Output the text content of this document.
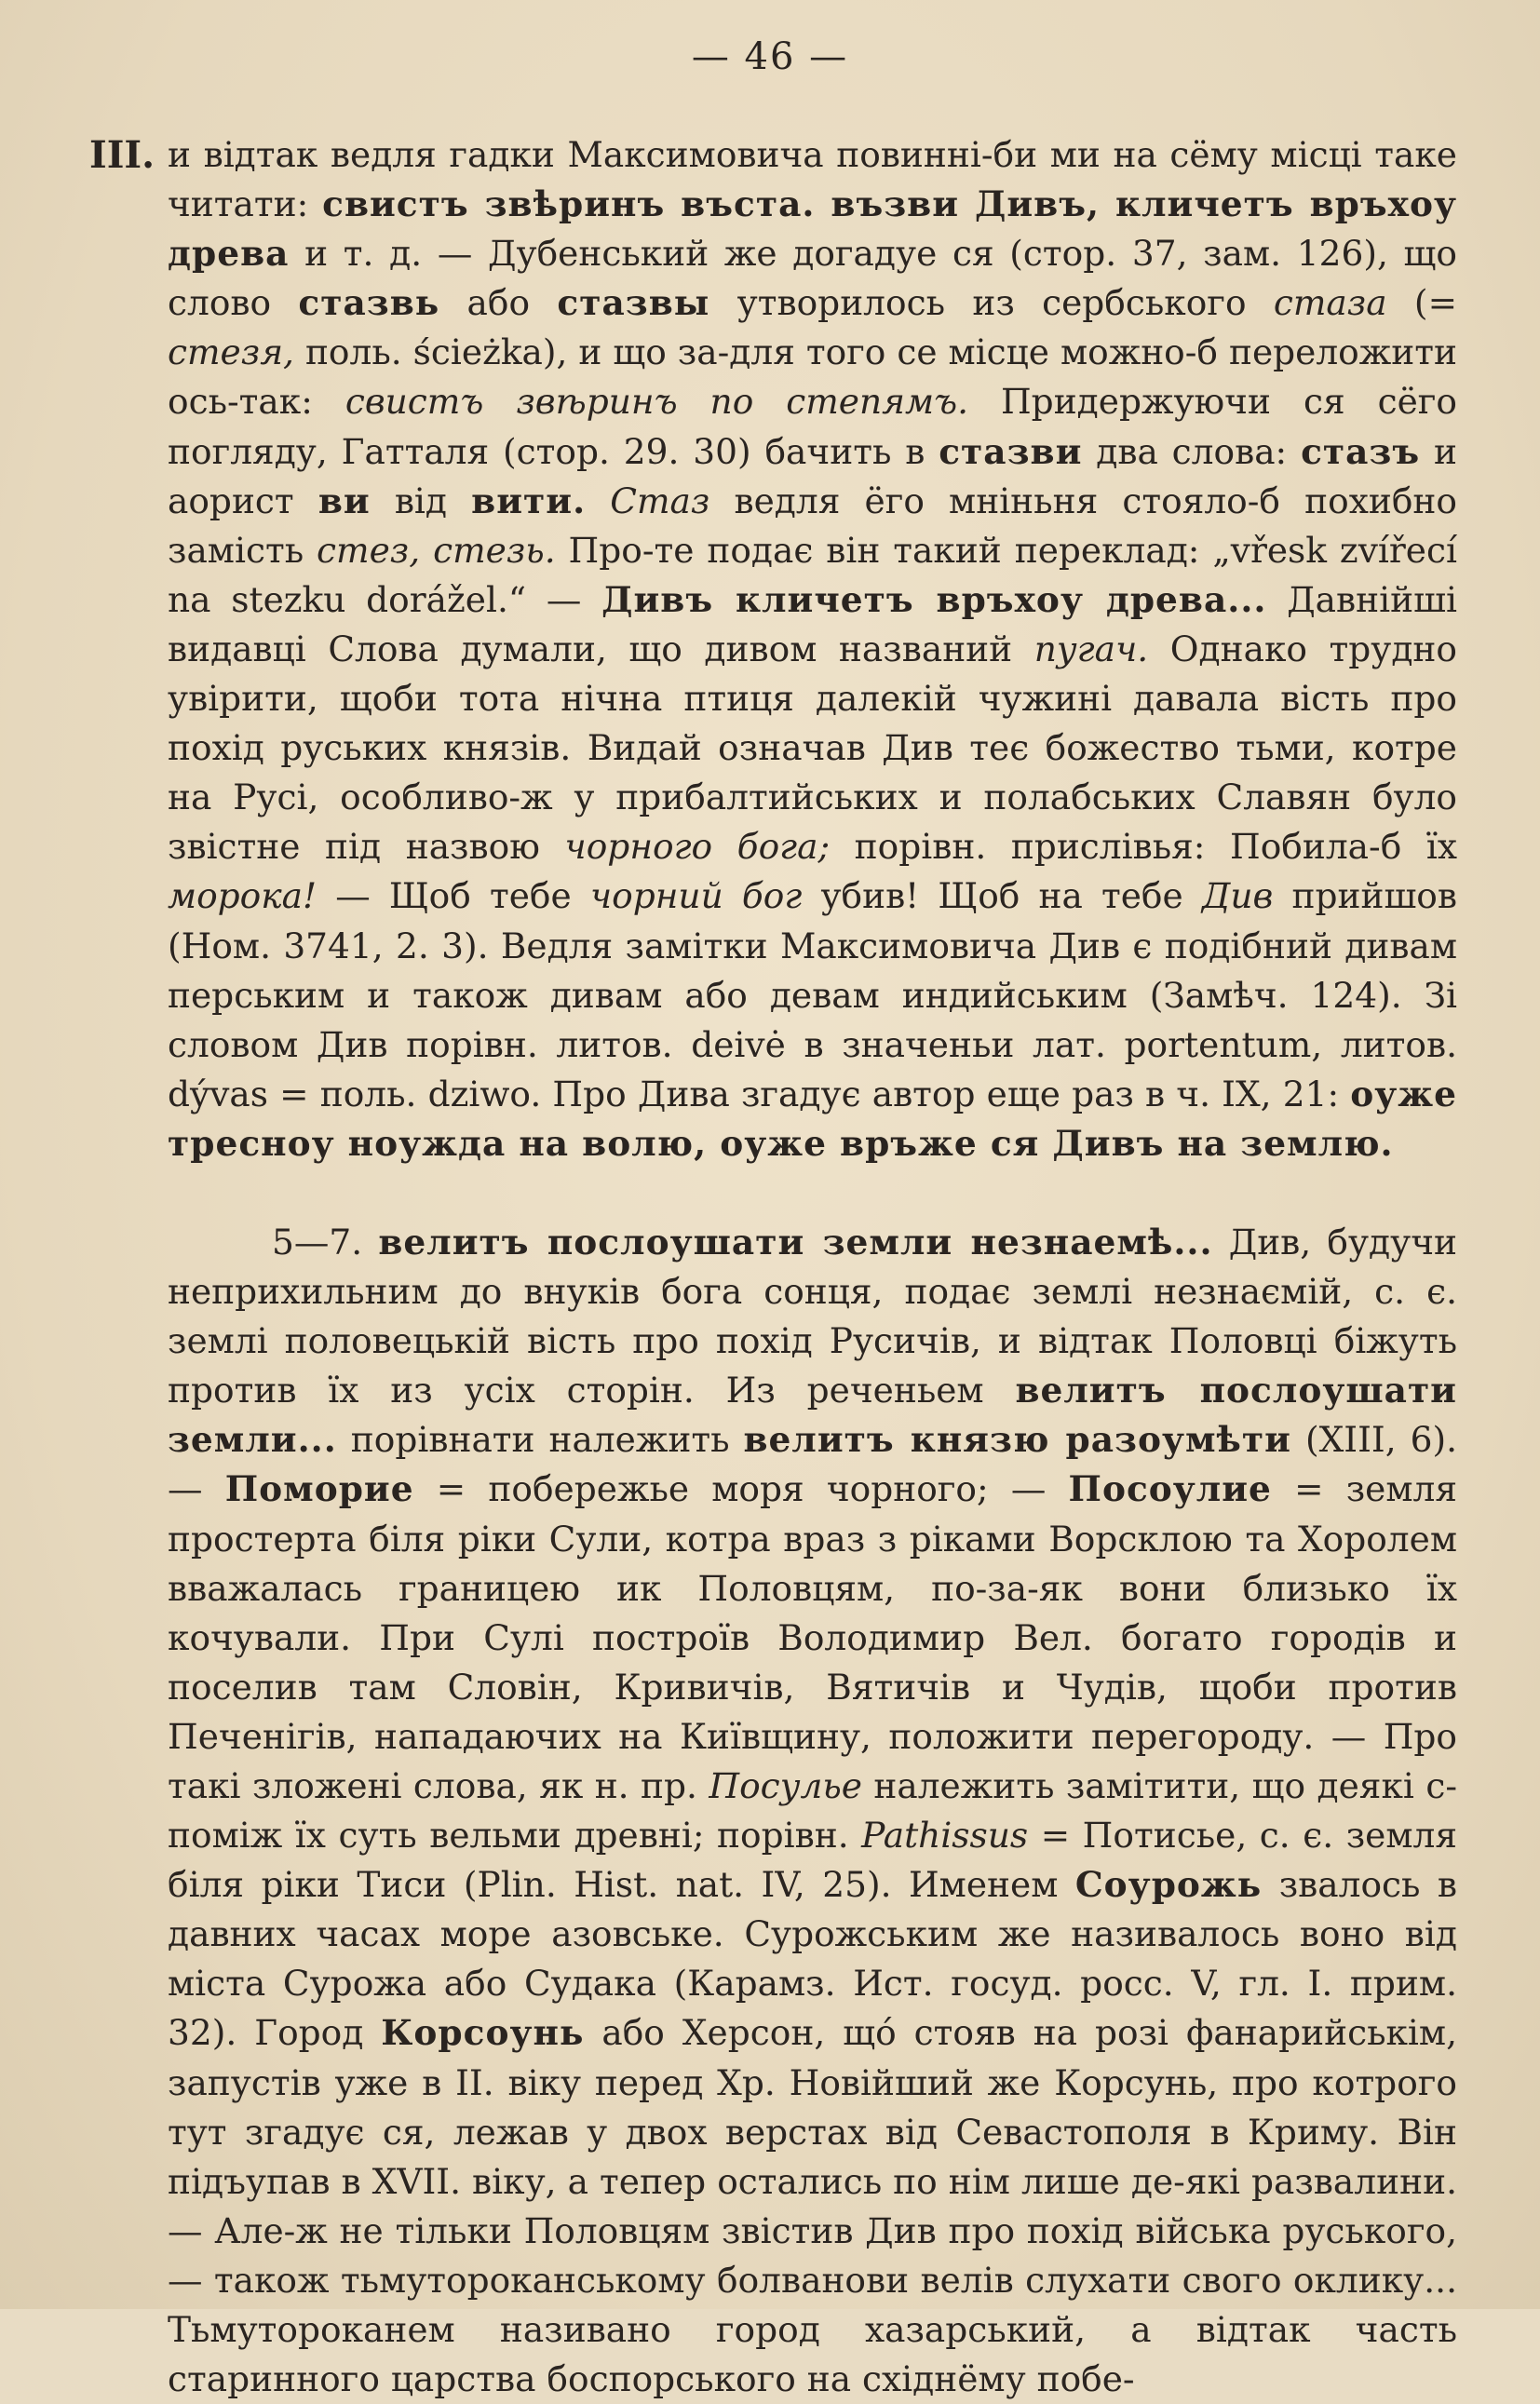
— 46 —
III. и відтак ведля гадки Максимовича повинні-би ми на сёму місці таке читати: свистъ звѣринъ въста. възви Дивъ, кличетъ връхоу древа и т. д. — Дубенський же догадуе ся (стор. 37, зам. 126), що слово стазвь або стазвы утворилось из сербського стаза (= стезя, поль. ścieżka), и що за-для того се місце можно-б переложити ось-так: свистъ звѣринъ по степямъ. Придержуючи ся сёго погляду, Гатталя (стор. 29. 30) бачить в стазви два слова: стазъ и аорист ви від вити. Стаз ведля ёго мніньня стояло-б похибно замість стез, стезь. Про-те подає він такий переклад: „vřesk zvířecí na stezku dorážel.“ — Дивъ кличетъ връхоу древа... Давнійші видавці Слова думали, що дивом названий пугач. Однако трудно увірити, щоби тота нічна птиця далекій чужині давала вість про похід руських князів. Видай означав Див теє божество тьми, котре на Русі, особливо-ж у прибалтийських и полабських Славян було звістне під назвою чорного бога; порівн. прислівья: Побила-б їх морока! — Щоб тебе чорний бог убив! Щоб на тебе Див прийшов (Ном. 3741, 2. 3). Ведля замітки Максимовича Див є подібний дивам перським и також дивам або девам индийським (Замѣч. 124). Зі словом Див порівн. литов. deivė в значеньи лат. portentum, литов. dývas = поль. dziwo. Про Дива згадує автор еще раз в ч. IX, 21: оуже тресноу ноужда на волю, оуже връже ся Дивъ на землю.

5—7. велитъ послоушати земли незнаемѣ... Див, будучи неприхильним до внуків бога сонця, подає землі незнаємій, с. є. землі половецькій вість про похід Русичів, и відтак Половці біжуть против їх из усіх сторін. Из реченьем велитъ послоушати земли... порівнати належить велитъ князю разоумѣти (XIII, 6). — Поморие = побережье моря чорного; — Посоулие = земля простерта біля ріки Сули, котра враз з ріками Ворсклою та Хоролем вважалась границею ик Половцям, по-за-як вони близько їх кочували. При Сулі построїв Володимир Вел. богато городів и поселив там Словін, Кривичів, Вятичів и Чудів, щоби против Печенігів, нападаючих на Київщину, положити перегороду. — Про такі зложені слова, як н. пр. Посулье належить замітити, що деякі с-поміж їх суть вельми древні; порівн. Pathissus = Потисье, с. є. земля біля ріки Тиси (Plin. Hist. nat. IV, 25). Именем Соурожь звалось в давних часах море азовське. Сурожським же називалось воно від міста Сурожа або Судака (Карамз. Ист. госуд. росс. V, гл. I. прим. 32). Город Корсоунь або Херсон, щó стояв на розі фанарийськім, запустів уже в II. віку перед Хр. Новійший же Корсунь, про котрого тут згадує ся, лежав у двох верстах від Севастополя в Криму. Він підъупав в XVII. віку, а тепер остались по нім лише де-які развалини. — Але-ж не тільки Половцям звістив Див про похід війська руського, — також тьмутороканському болванови велів слухати свого оклику... Тьмутороканем називано город хазарський, а відтак часть старинного царства боспорського на східнёму побе-
